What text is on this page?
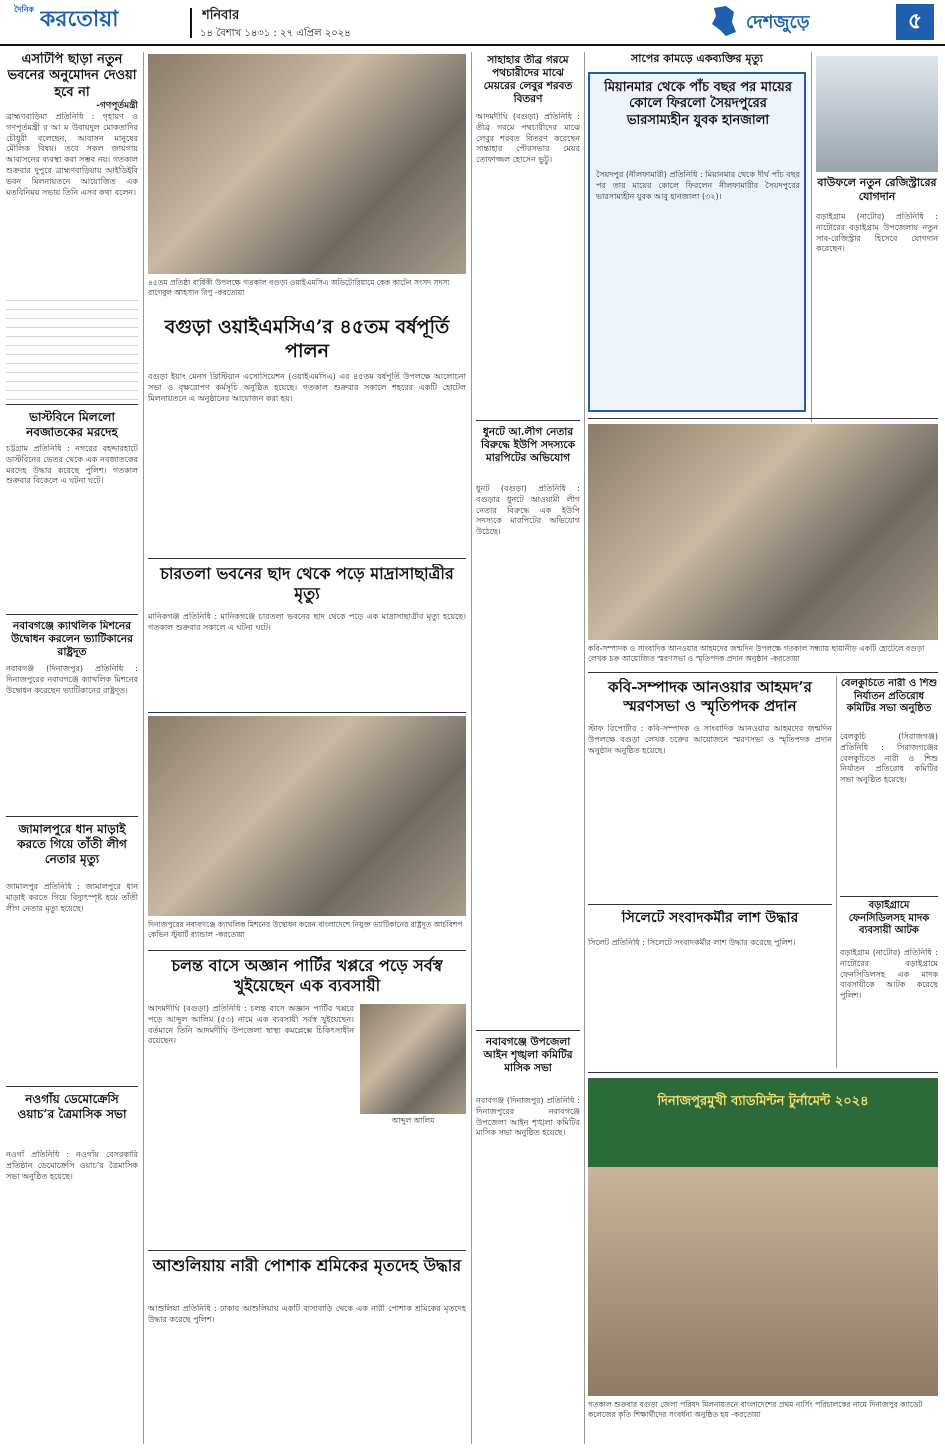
দৈনিক করতোয়া	শনিবার
১৪ বৈশাখ ১৪৩১ : ২৭ এপ্রিল ২০২৪
দেশজুড়ে	৫
এসটিপি ছাড়া নতুন ভবনের অনুমোদন দেওয়া হবে না
-গণপূর্তমন্ত্রী
ব্রাহ্মণবাড়িয়া প্রতিনিধি : গৃহায়ণ ও গণপূর্তমন্ত্রী র আ ম উবায়দুল মোকতাদির চৌধুরী বলেছেন, আবাসন মানুষের মৌলিক বিষয়। তবে সকল জায়গায় আবাসনের ব্যবস্থা করা সম্ভব নয়। গতকাল শুক্রবার দুপুরে ব্রাহ্মণবাড়িয়ায় আইডিইবি ভবন মিলনায়তনে আয়োজিত এক মতবিনিময় সভায় তিনি এসব কথা বলেন।
ভাস্টবিনে মিললো নবজাতকের মরদেহ
চট্টগ্রাম প্রতিনিধি : নগরের বহদ্দারহাটে ডাস্টবিনের ভেতর থেকে এক নবজাতকের মরদেহ উদ্ধার করেছে পুলিশ। গতকাল শুক্রবার বিকেলে এ ঘটনা ঘটে।
নবাবগঞ্জে ক্যাথলিক মিশনের উদ্বোধন করলেন ভ্যাটিকানের রাষ্ট্রদূত
নবাবগঞ্জ (দিনাজপুর) প্রতিনিধি : দিনাজপুরের নবাবগঞ্জে ক্যাথলিক মিশনের উদ্বোধন করেছেন ভ্যাটিকানের রাষ্ট্রদূত।
জামালপুরে ধান মাড়াই করতে গিয়ে তাঁতী লীগ নেতার মৃত্যু
জামালপুর প্রতিনিধি : জামালপুরে ধান মাড়াই করতে গিয়ে বিদ্যুৎস্পৃষ্ট হয়ে তাঁতী লীগ নেতার মৃত্যু হয়েছে।
নওগাঁয় ডেমোক্রেসি ওয়াচ’র ত্রৈমাসিক সভা
নওগাঁ প্রতিনিধি : নওগাঁয় বেসরকারি প্রতিষ্ঠান ডেমোক্রেসি ওয়াচ’র ত্রৈমাসিক সভা অনুষ্ঠিত হয়েছে।
৪৫তম প্রতিষ্ঠা বার্ষিকী উপলক্ষে গতকাল বগুড়া ওয়াইএমসিএ অডিটোরিয়ামে কেক কাটেন সংসদ সদস্য রাগেবুল আহসান রিপু -করতোয়া
বগুড়া ওয়াইএমসিএ’র ৪৫তম বর্ষপূর্তি পালন
বগুড়া ইয়াং মেনস খ্রিস্টিয়ান এসোসিয়েশন (ওয়াইএমসিএ) এর ৪৫তম বর্ষপূর্তি উপলক্ষে আলোচনা সভা ও বৃক্ষরোপণ কর্মসূচি অনুষ্ঠিত হয়েছে। গতকাল শুক্রবার সকালে শহরের একটি হোটেল মিলনায়তনে এ অনুষ্ঠানের আয়োজন করা হয়।
চারতলা ভবনের ছাদ থেকে পড়ে মাদ্রাসাছাত্রীর মৃত্যু
মানিকগঞ্জ প্রতিনিধি : মানিকগঞ্জে চারতলা ভবনের ছাদ থেকে পড়ে এক মাদ্রাসাছাত্রীর মৃত্যু হয়েছে। গতকাল শুক্রবার সকালে এ ঘটনা ঘটে।
দিনাজপুরের নবাবগঞ্জে ক্যাথলিক মিশনের উদ্বোধন করেন বাংলাদেশে নিযুক্ত ভ্যাটিকানের রাষ্ট্রদূত আর্চবিশপ কেভিন স্টুয়ার্ট র‍্যান্ডাল -করতোয়া
চলন্ত বাসে অজ্ঞান পার্টির খপ্পরে পড়ে সর্বস্ব খুইয়েছেন এক ব্যবসায়ী
আদমদীঘি (বগুড়া) প্রতিনিধি : চলন্ত বাসে অজ্ঞান পার্টির খপ্পরে পড়ে আব্দুল আলিম (৫৩) নামে এক ব্যবসায়ী সর্বস্ব খুইয়েছেন। বর্তমানে তিনি আদমদীঘি উপজেলা স্বাস্থ্য কমপ্লেক্সে চিকিৎসাধীন রয়েছেন।
আব্দুল আলিম
আশুলিয়ায় নারী পোশাক শ্রমিকের মৃতদেহ উদ্ধার
আশুলিয়া প্রতিনিধি : ঢাকার আশুলিয়ায় একটি বাসাবাড়ি থেকে এক নারী পোশাক শ্রমিকের মৃতদেহ উদ্ধার করেছে পুলিশ।
সাহাহার তীব্র গরমে পথচারীদের মাঝে মেয়রের লেবুর শরবত বিতরণ
আদমদীঘি (বগুড়া) প্রতিনিধি : তীব্র গরমে পথচারীদের মাঝে লেবুর শরবত বিতরণ করেছেন সান্তাহার পৌরসভার মেয়র তোফাজ্জল হোসেন ভুট্টু।
ধুনটে আ.লীগ নেতার বিরুদ্ধে ইউপি সদস্যকে মারপিটের অভিযোগ
ধুনট (বগুড়া) প্রতিনিধি : বগুড়ার ধুনটে আওয়ামী লীগ নেতার বিরুদ্ধে এক ইউপি সদস্যকে মারপিটের অভিযোগ উঠেছে।
নবাবগঞ্জে উপজেলা আইন শৃঙ্খলা কমিটির মাসিক সভা
নবাবগঞ্জ (দিনাজপুর) প্রতিনিধি : দিনাজপুরের নবাবগঞ্জে উপজেলা আইন শৃঙ্খলা কমিটির মাসিক সভা অনুষ্ঠিত হয়েছে।
মিয়ানমার থেকে পাঁচ বছর পর মায়ের কোলে ফিরলো সৈয়দপুরের ভারসাম্যহীন যুবক হানজালা
সৈয়দপুর (নীলফামারী) প্রতিনিধি : মিয়ানমার থেকে দীর্ঘ পাঁচ বছর পর তার মায়ের কোলে ফিরলেন নীলফামারীর সৈয়দপুরের ভারসাম্যহীন যুবক আবু হানজালা (৩২)।
সাপের কামড়ে একব্যক্তির মৃত্যু
বাউফলে নতুন রেজিস্ট্রারের যোগদান
বড়াইগ্রাম (নাটোর) প্রতিনিধি : নাটোরের বড়াইগ্রাম উপজেলায় নতুন সাব-রেজিস্ট্রার হিসেবে যোগদান করেছেন।
কবি-সম্পাদক ও সাংবাদিক আনওয়ার আহমদের জন্মদিন উপলক্ষে গতকাল সন্ধ্যায় ছায়ানীড় একটি হোটেলে বগুড়া লেখক চক্র আয়োজিত স্মরণসভা ও স্মৃতিপদক প্রদান অনুষ্ঠান -করতোয়া
কবি-সম্পাদক আনওয়ার আহমদ’র স্মরণসভা ও স্মৃতিপদক প্রদান
স্টাফ রিপোর্টার : কবি-সম্পাদক ও সাংবাদিক আনওয়ার আহমদের জন্মদিন উপলক্ষে বগুড়া লেখক চক্রের আয়োজনে স্মরণসভা ও স্মৃতিপদক প্রদান অনুষ্ঠান অনুষ্ঠিত হয়েছে।
বেলকুচিতে নারী ও শিশু নির্যাতন প্রতিরোধ কমিটির সভা অনুষ্ঠিত
বেলকুচি (সিরাজগঞ্জ) প্রতিনিধি : সিরাজগঞ্জের বেলকুচিতে নারী ও শিশু নির্যাতন প্রতিরোধ কমিটির সভা অনুষ্ঠিত হয়েছে।
সিলেটে সংবাদকর্মীর লাশ উদ্ধার
সিলেট প্রতিনিধি : সিলেটে সংবাদকর্মীর লাশ উদ্ধার করেছে পুলিশ।
বড়াইগ্রামে ফেনসিডিলসহ মাদক ব্যবসায়ী আটক
বড়াইগ্রাম (নাটোর) প্রতিনিধি : নাটোরের বড়াইগ্রামে ফেনসিডিলসহ এক মাদক ব্যবসায়ীকে আটক করেছে পুলিশ।
দিনাজপুরমুখী ব্যাডমিন্টন টুর্নামেন্ট ২০২৪
গতকাল শুক্রবার বগুড়া জেলা পরিষদ মিলনায়তনে বাংলাদেশের প্রথম নার্সিং পরিচালকের নামে দিনাজপুর ক্যাডেট কলেজের কৃতি শিক্ষার্থীদের সংবর্ধনা অনুষ্ঠিত হয় -করতোয়া
